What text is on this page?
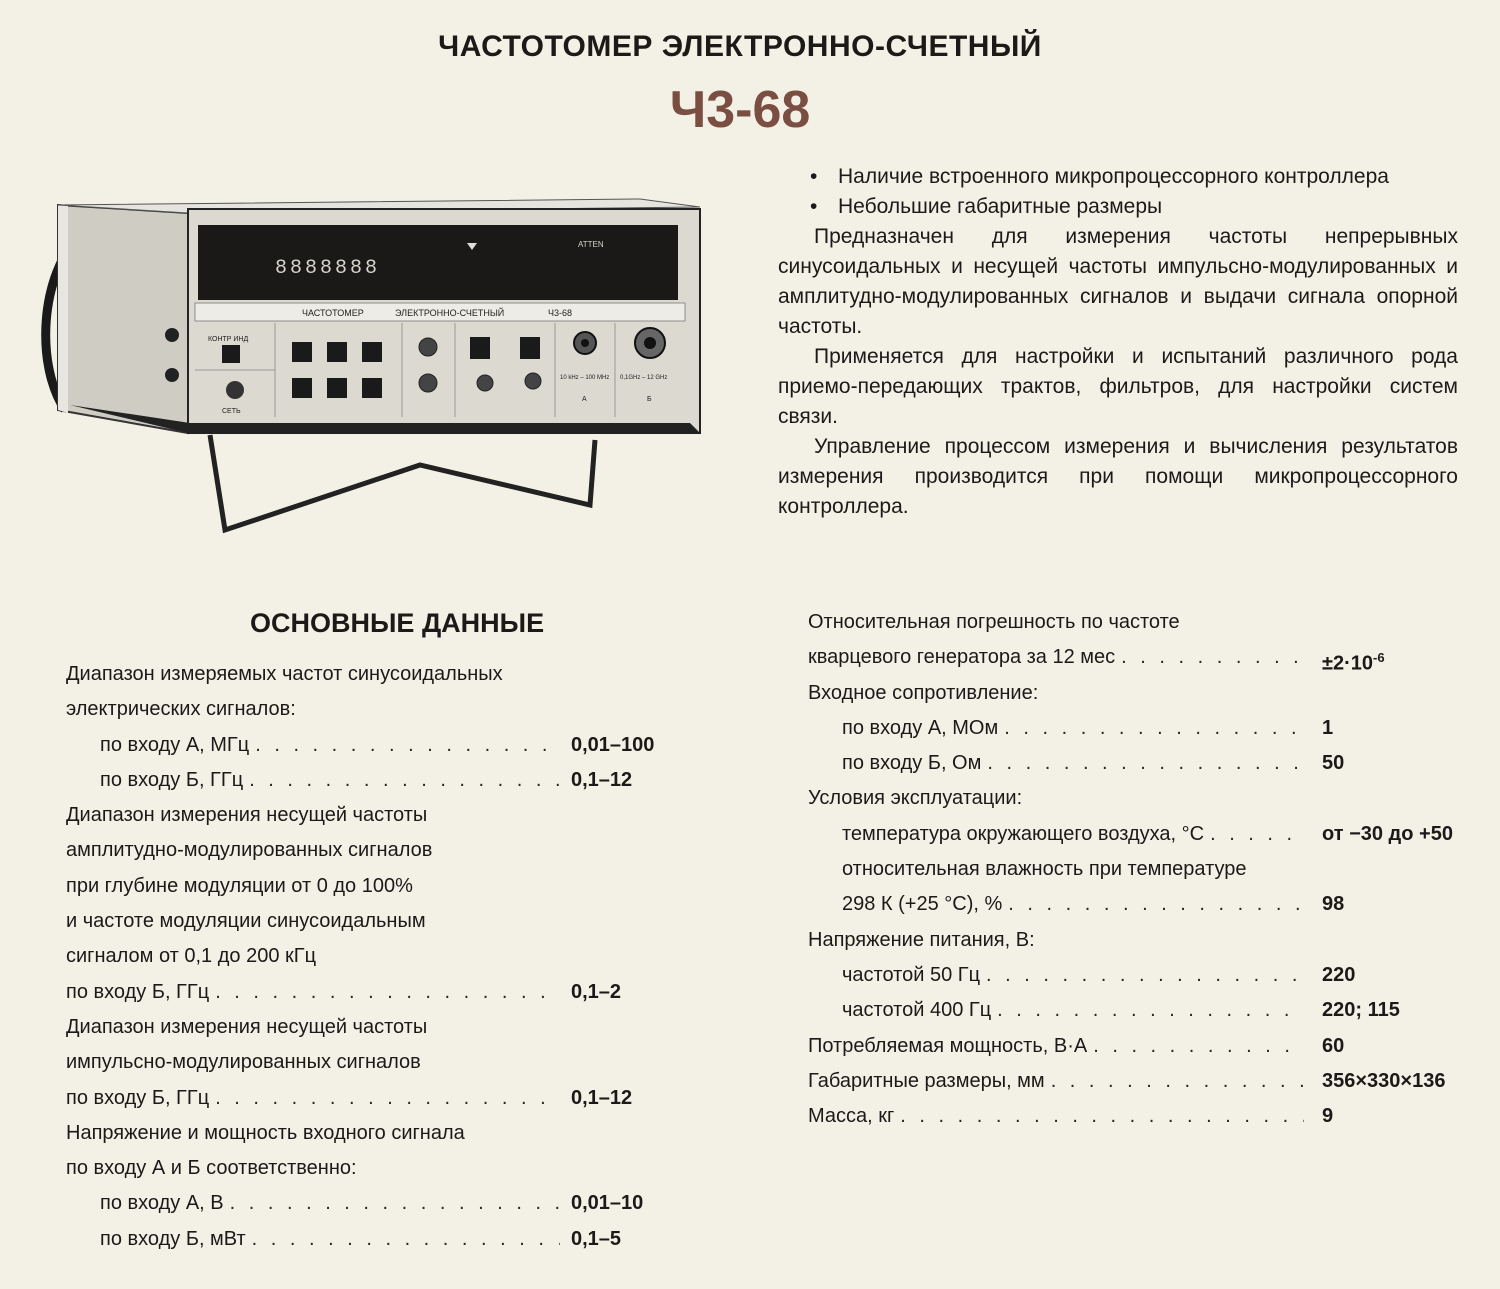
ЧАСТОТОМЕР ЭЛЕКТРОННО-СЧЕТНЫЙ
Ч3-68
8888888
ATTEN
ЧАСТОТОМЕР	ЭЛЕКТРОННО-СЧЕТНЫЙ	Ч3-68
КОНТР ИНД
СЕТЬ
10 kHz – 100 MHz 0,1GHz – 12 GHz
А	Б
• Наличие встроенного микропроцессорного контроллера
• Небольшие габаритные размеры

Предназначен для измерения частоты непрерывных синусоидальных и несущей частоты импульсно-модулированных и амплитудно-модулированных сигналов и выдачи сигнала опорной частоты.

Применяется для настройки и испытаний различного рода приемо-передающих трактов, фильтров, для настройки систем связи.

Управление процессом измерения и вычисления результатов измерения производится при помощи микропроцессорного контроллера.

ОСНОВНЫЕ ДАННЫЕ
Диапазон измеряемых частот синусоидальных
электрических сигналов:
по входу А, МГц . . .	0,01–100
по входу Б, ГГц . . .	0,1–12
Диапазон измерения несущей частоты
амплитудно-модулированных сигналов
при глубине модуляции от 0 до 100%
и частоте модуляции синусоидальным
сигналом от 0,1 до 200 кГц
по входу Б, ГГц . . .	0,1–2
Диапазон измерения несущей частоты
импульсно-модулированных сигналов
по входу Б, ГГц . . .	0,1–12
Напряжение и мощность входного сигнала
по входу А и Б соответственно:
по входу А, В . . .	0,01–10
по входу Б, мВт . . .	0,1–5
Относительная погрешность по частоте
кварцевого генератора за 12 мес . . .	$\pm 2\cdot 10^{-6}$
Входное сопротивление:
по входу А, МОм . . .	1
по входу Б, Ом . . .	50
Условия эксплуатации:
температура окружающего воздуха, °С . . .	от −30 до +50
относительная влажность при температуре
298 К (+25 °С), % . . .	98
Напряжение питания, В:
частотой 50 Гц . . .	220
частотой 400 Гц . . .	220; 115
Потребляемая мощность, В·А . . .	60
Габаритные размеры, мм . . .	356×330×136
Масса, кг . . .	9
